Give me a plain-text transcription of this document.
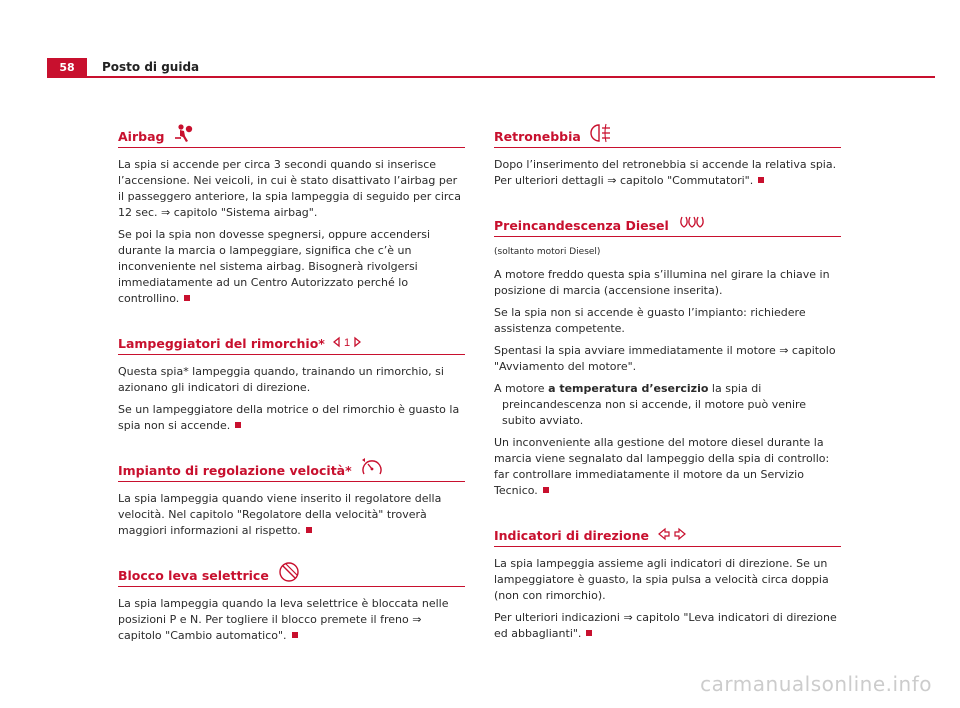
58	Posto di guida
Airbag

La spia si accende per circa 3 secondi quando si inserisce l’accensione. Nei veicoli, in cui è stato disattivato l’airbag per il passeggero anteriore, la spia lampeggia di seguido per circa 12 sec. ⇒ capitolo "Sistema airbag".

Se poi la spia non dovesse spegnersi, oppure accendersi durante la marcia o lampeggiare, significa che c’è un inconveniente nel sistema airbag. Bisognerà rivolgersi immediatamente ad un Centro Autorizzato perché lo controllino.

Lampeggiatori del rimorchio* 1

Questa spia* lampeggia quando, trainando un rimorchio, si azionano gli indicatori di direzione.

Se un lampeggiatore della motrice o del rimorchio è guasto la spia non si accende.

Impianto di regolazione velocità*

La spia lampeggia quando viene inserito il regolatore della velocità. Nel capitolo "Regolatore della velocità" troverà maggiori informazioni al rispetto.

Blocco leva selettrice

La spia lampeggia quando la leva selettrice è bloccata nelle posizioni P e N. Per togliere il blocco premete il freno ⇒ capitolo "Cambio automatico".

Retronebbia

Dopo l’inserimento del retronebbia si accende la relativa spia. Per ulteriori dettagli ⇒ capitolo "Commutatori".

Preincandescenza Diesel

(soltanto motori Diesel)

A motore freddo questa spia s’illumina nel girare la chiave in posizione di marcia (accensione inserita).

Se la spia non si accende è guasto l’impianto: richiedere assistenza competente.

Spentasi la spia avviare immediatamente il motore ⇒ capitolo "Avviamento del motore".

A motore a temperatura d’esercizio la spia di preincandescenza non si accende, il motore può venire subito avviato.

Un inconveniente alla gestione del motore diesel durante la marcia viene segnalato dal lampeggio della spia di controllo: far controllare immediatamente il motore da un Servizio Tecnico.

Indicatori di direzione

La spia lampeggia assieme agli indicatori di direzione. Se un lampeggiatore è guasto, la spia pulsa a velocità circa doppia (non con rimorchio).

Per ulteriori indicazioni ⇒ capitolo "Leva indicatori di direzione ed abbaglianti".

carmanualsonline.info
